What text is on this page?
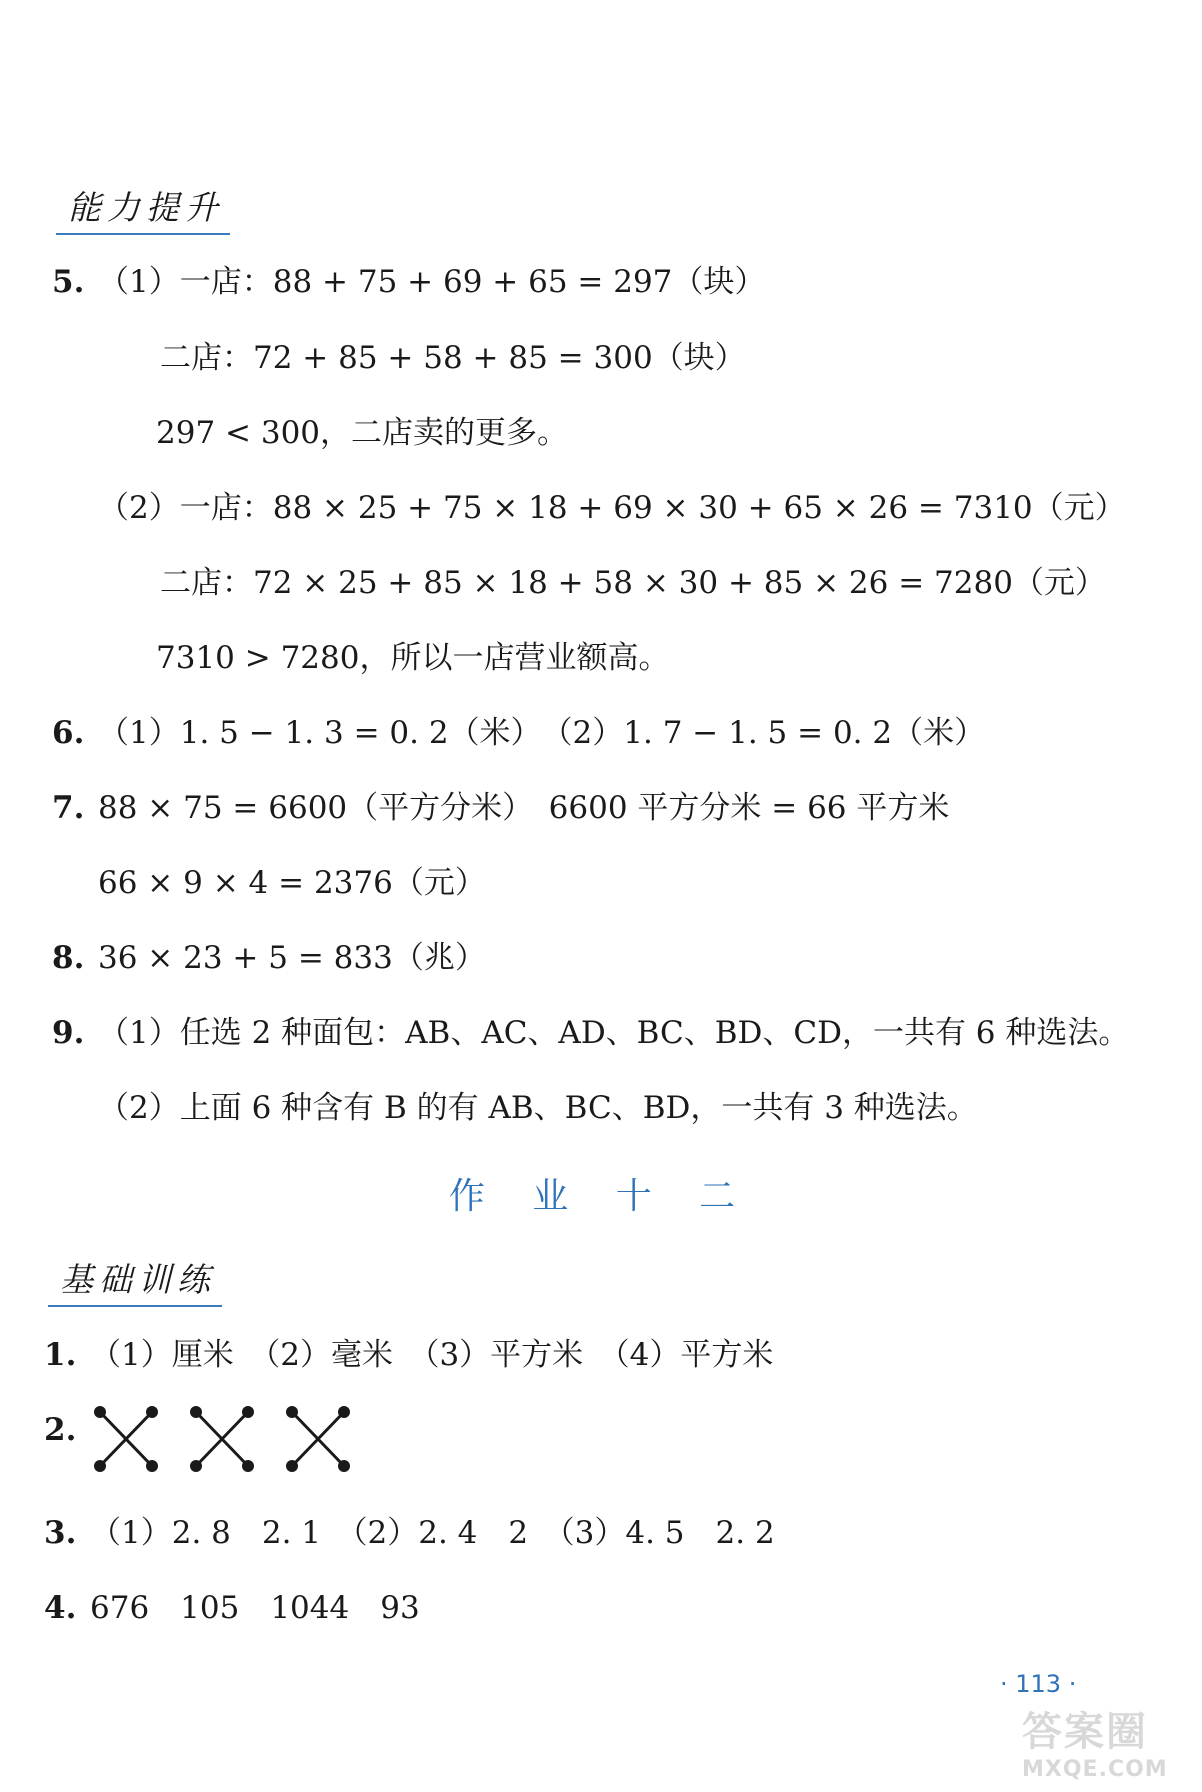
能力提升
5. （1）一店：88 + 75 + 69 + 65 = 297（块）
二店：72 + 85 + 58 + 85 = 300（块）
297 < 300，二店卖的更多。
（2）一店：88 × 25 + 75 × 18 + 69 × 30 + 65 × 26 = 7310（元）
二店：72 × 25 + 85 × 18 + 58 × 30 + 85 × 26 = 7280（元）
7310 > 7280，所以一店营业额高。
6. （1）1. 5 − 1. 3 = 0. 2（米）　（2）1. 7 − 1. 5 = 0. 2（米）
7. 88 × 75 = 6600（平方分米）　6600 平方分米 = 66 平方米
66 × 9 × 4 = 2376（元）
8. 36 × 23 + 5 = 833（兆）
9. （1）任选 2 种面包：AB、AC、AD、BC、BD、CD，一共有 6 种选法。
（2）上面 6 种含有 B 的有 AB、BC、BD，一共有 3 种选法。
作 业 十 二
基础训练
1. （1）厘米　（2）毫米　（3）平方米　（4）平方米
2.
3. （1）2. 8　2. 1　（2）2. 4　2　（3）4. 5　2. 2
4. 676　105　1044　93
· 113 ·
答案圈
MXQE.COM
